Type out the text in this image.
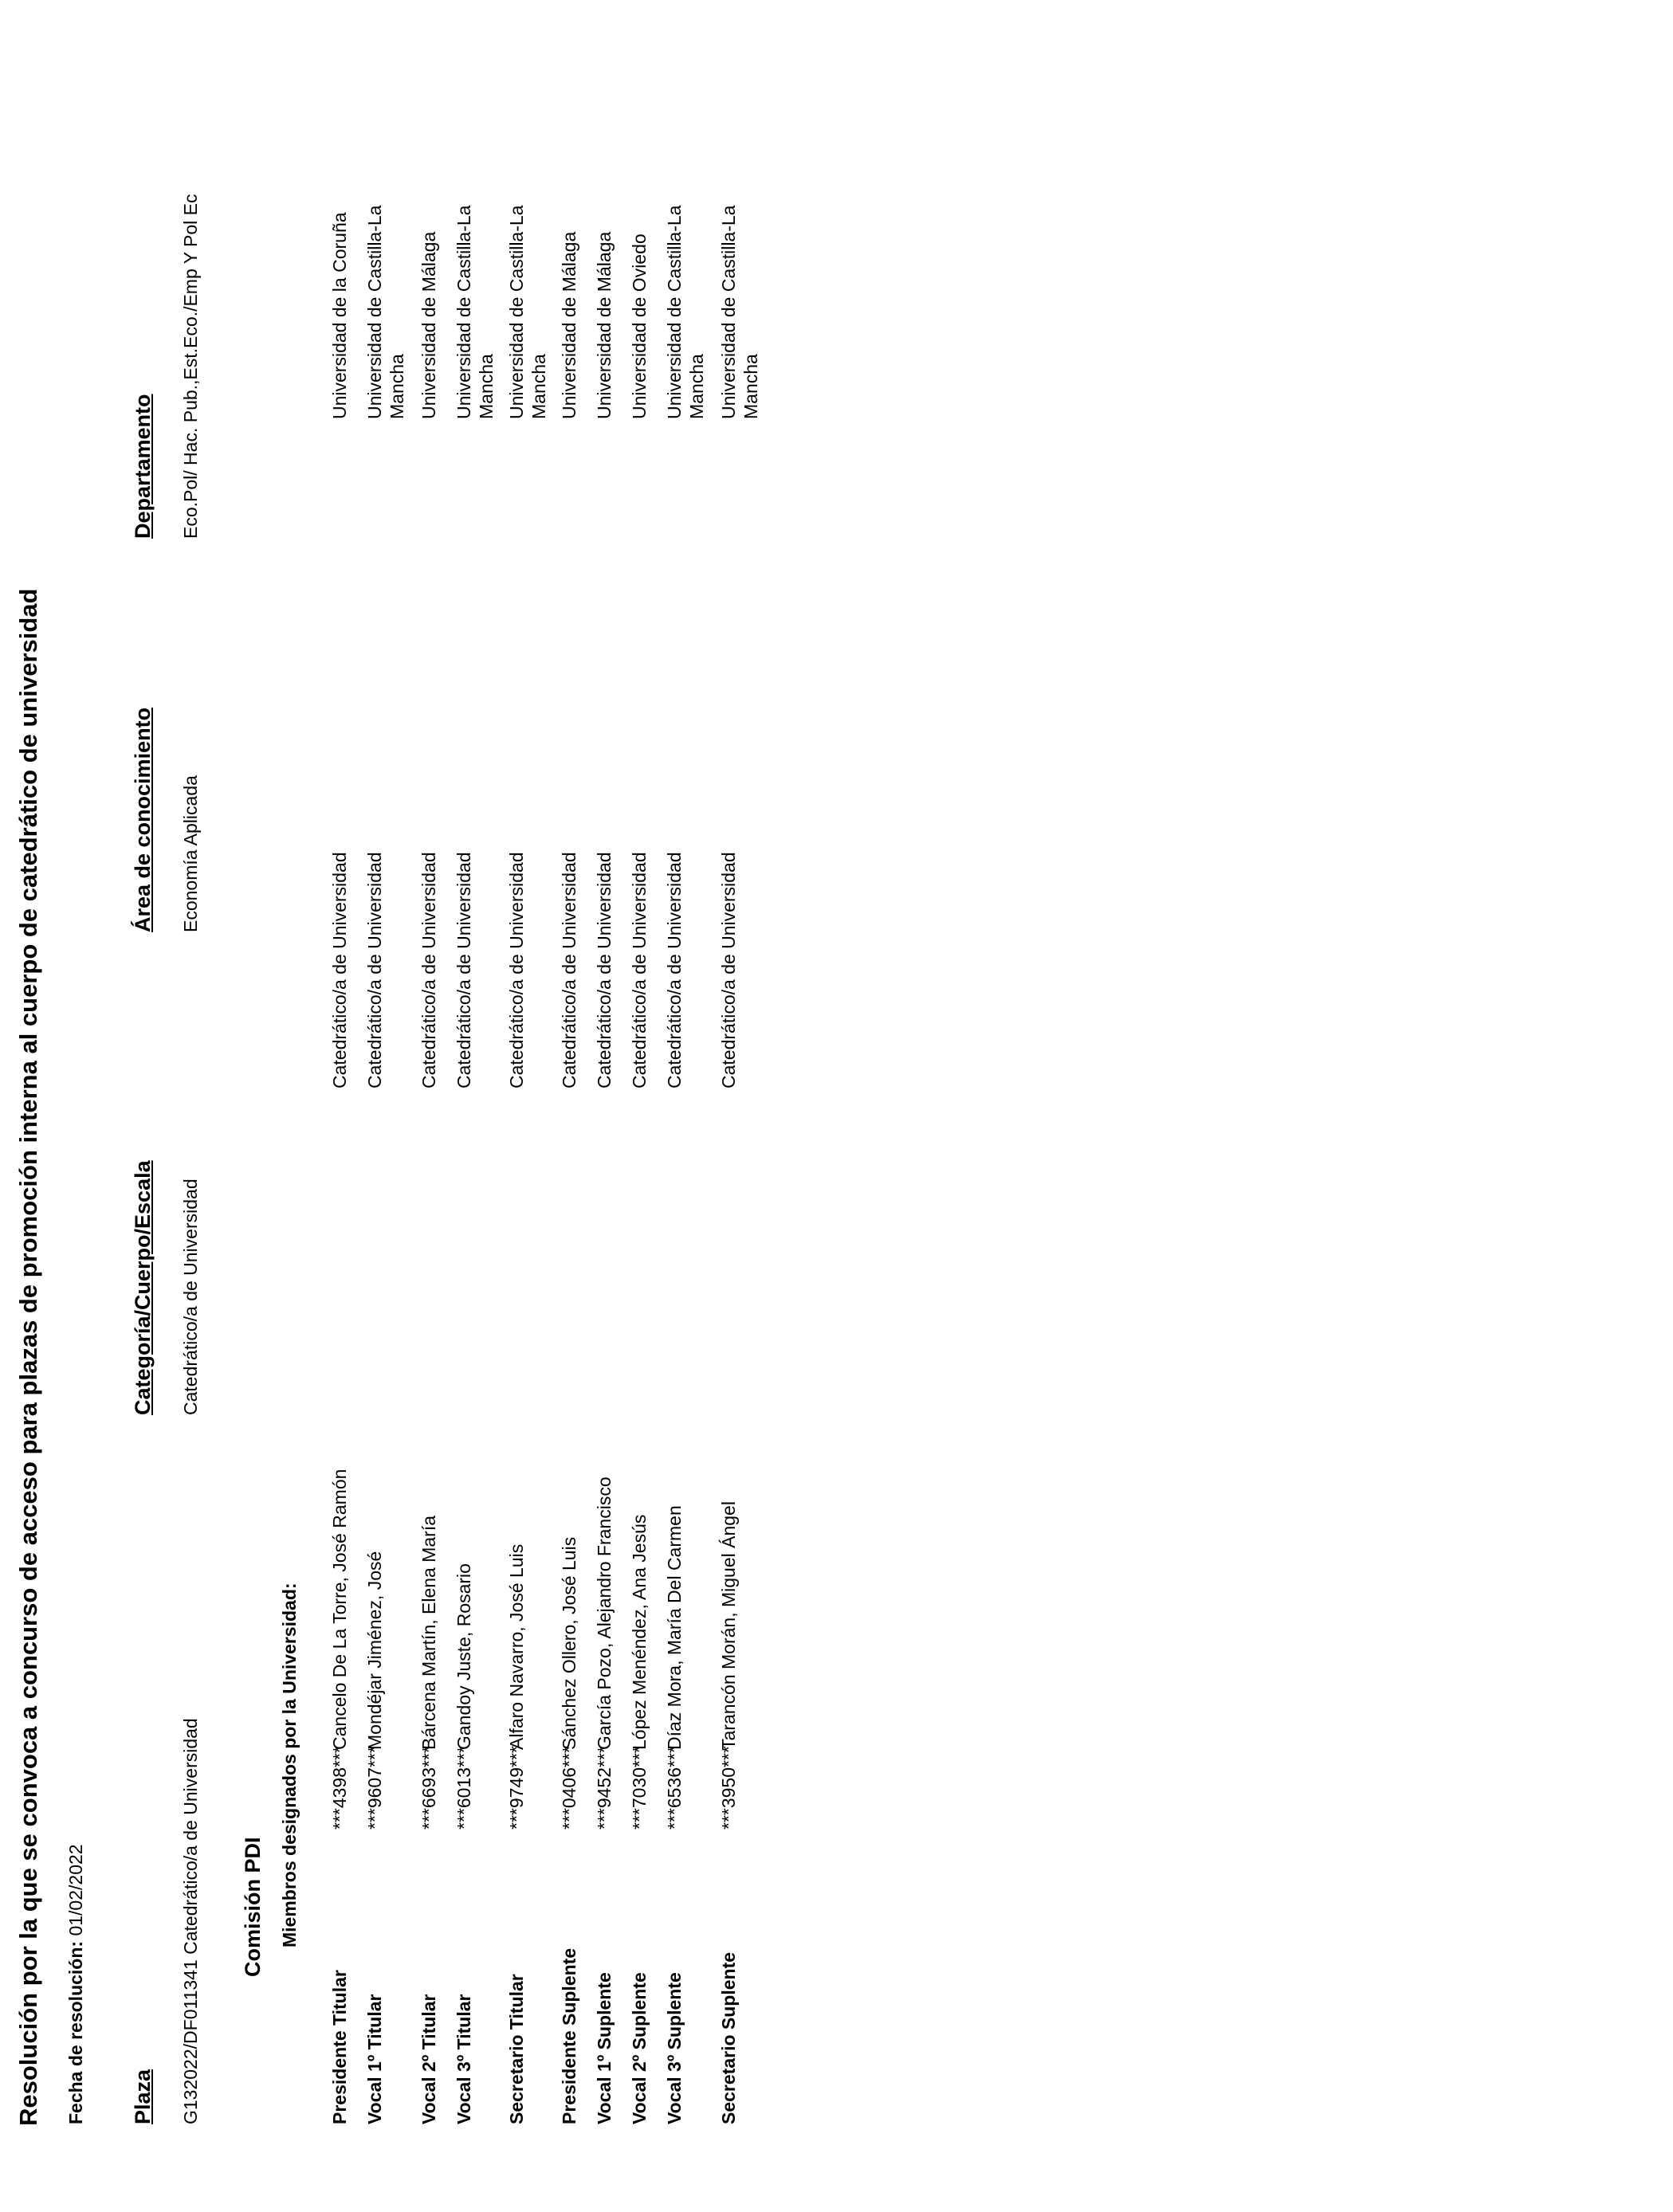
Resolución por la que se convoca a concurso de acceso para plazas de promoción interna al cuerpo de catedrático de universidad Fecha de resolución: 01/02/2022
Plaza
Categoría/Cuerpo/Escala
Área de conocimiento
Departamento
G132022/DF011341 Catedrático/a de Universidad
Catedrático/a de Universidad
Economía Aplicada
Eco.Pol/ Hac. Pub.,Est.Eco./Emp Y Pol Ec
Comisión PDI Miembros designados por la Universidad:
Presidente Titular
***4398***
Cancelo De La Torre, José Ramón
Catedrático/a de Universidad
Universidad de la Coruña
Vocal 1º Titular
***9607***
Mondéjar Jiménez, José
Catedrático/a de Universidad
Universidad de Castilla-La Mancha
Vocal 2º Titular
***6693***
Bárcena Martín, Elena María
Catedrático/a de Universidad
Universidad de Málaga
Vocal 3º Titular
***6013***
Gandoy Juste, Rosario
Catedrático/a de Universidad
Universidad de Castilla-La Mancha
Secretario Titular
***9749***
Alfaro Navarro, José Luis
Catedrático/a de Universidad
Universidad de Castilla-La Mancha
Presidente Suplente
***0406***
Sánchez Ollero, José Luis
Catedrático/a de Universidad
Universidad de Málaga
Vocal 1º Suplente
***9452***
García Pozo, Alejandro Francisco
Catedrático/a de Universidad
Universidad de Málaga
Vocal 2º Suplente
***7030***
López Menéndez, Ana Jesús
Catedrático/a de Universidad
Universidad de Oviedo
Vocal 3º Suplente
***6536***
Díaz Mora, María Del Carmen
Catedrático/a de Universidad
Universidad de Castilla-La Mancha
Secretario Suplente
***3950***
Tarancón Morán, Miguel Ángel
Catedrático/a de Universidad
Universidad de Castilla-La Mancha
